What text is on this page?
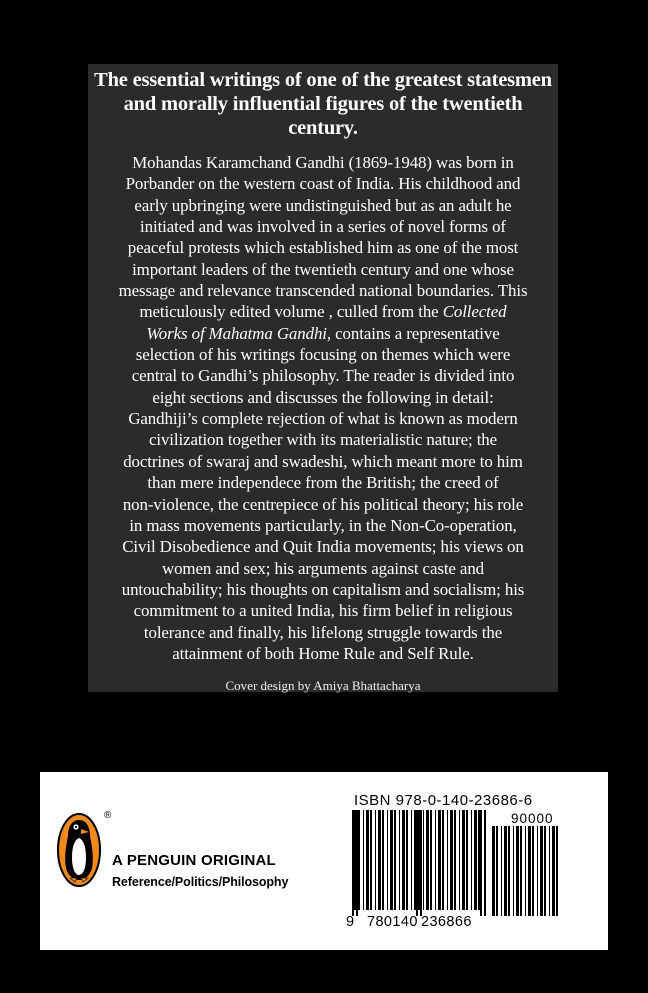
The essential writings of one of the greatest statesmen
and morally influential figures of the twentieth century.

Mohandas Karamchand Gandhi (1869-1948) was born in
Porbander on the western coast of India. His childhood and
early upbringing were undistinguished but as an adult he
initiated and was involved in a series of novel forms of
peaceful protests which established him as one of the most
important leaders of the twentieth century and one whose
message and relevance transcended national boundaries. This
meticulously edited volume , culled from the Collected
Works of Mahatma Gandhi, contains a representative
selection of his writings focusing on themes which were
central to Gandhi’s philosophy. The reader is divided into
eight sections and discusses the following in detail:
Gandhiji’s complete rejection of what is known as modern
civilization together with its materialistic nature; the
doctrines of swaraj and swadeshi, which meant more to him
than mere independece from the British; the creed of
non-violence, the centrepiece of his political theory; his role
in mass movements particularly, in the Non-Co-operation,
Civil Disobedience and Quit India movements; his views on
women and sex; his arguments against caste and
untouchability; his thoughts on capitalism and socialism; his
commitment to a united India, his firm belief in religious
tolerance and finally, his lifelong struggle towards the
attainment of both Home Rule and Self Rule.

Cover design by Amiya Bhattacharya
®
A PENGUIN ORIGINAL
Reference/Politics/Philosophy
ISBN 978-0-140-23686-6
90000
9 780140 236866
